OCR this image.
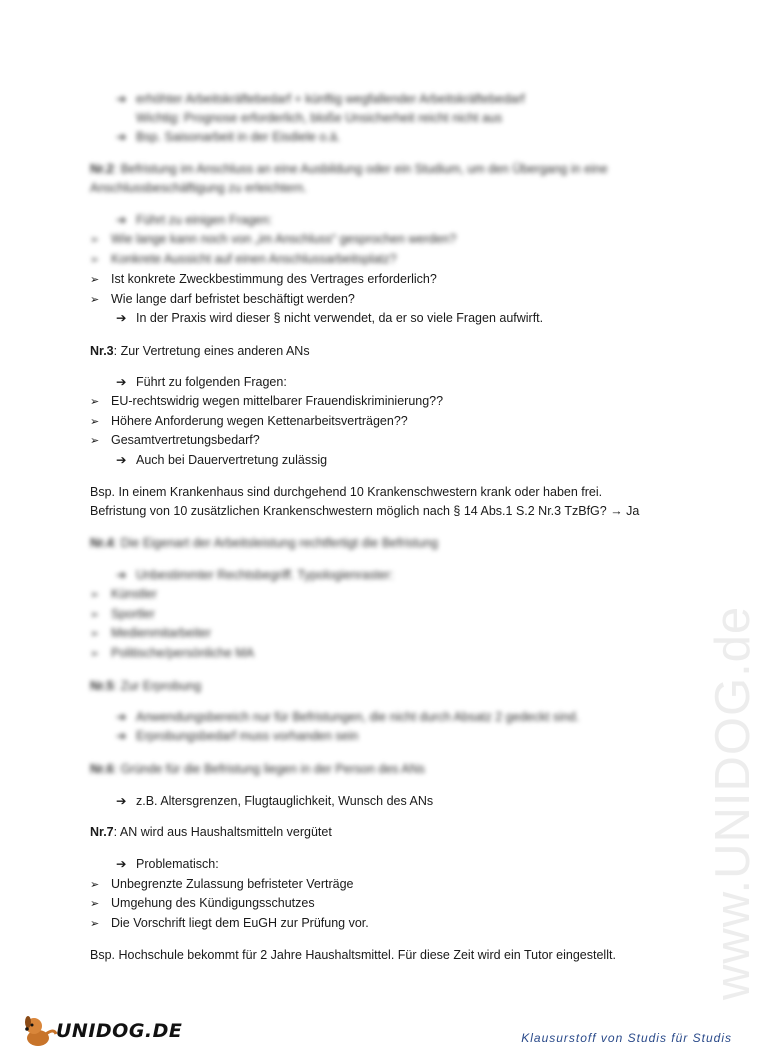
www.UNIDOG.de
➔ erhöhter Arbeitskräftebedarf + künftig wegfallender Arbeitskräftebedarf
Wichtig: Prognose erforderlich, bloße Unsicherheit reicht nicht aus
➔ Bsp. Saisonarbeit in der Eisdiele o.ä.
Nr.2: Befristung im Anschluss an eine Ausbildung oder ein Studium, um den Übergang in eine
Anschlussbeschäftigung zu erleichtern.
➔ Führt zu einigen Fragen:
➢ Wie lange kann noch von „im Anschluss“ gesprochen werden?
➢ Konkrete Aussicht auf einen Anschlussarbeitsplatz?
➢ Ist konkrete Zweckbestimmung des Vertrages erforderlich?
➢ Wie lange darf befristet beschäftigt werden?
➔ In der Praxis wird dieser § nicht verwendet, da er so viele Fragen aufwirft.
Nr.3: Zur Vertretung eines anderen ANs
➔ Führt zu folgenden Fragen:
➢ EU-rechtswidrig wegen mittelbarer Frauendiskriminierung??
➢ Höhere Anforderung wegen Kettenarbeitsverträgen??
➢ Gesamtvertretungsbedarf?
➔ Auch bei Dauervertretung zulässig
Bsp. In einem Krankenhaus sind durchgehend 10 Krankenschwestern krank oder haben frei.
Befristung von 10 zusätzlichen Krankenschwestern möglich nach § 14 Abs.1 S.2 Nr.3 TzBfG? → Ja
Nr.4: Die Eigenart der Arbeitsleistung rechtfertigt die Befristung
➔ Unbestimmter Rechtsbegriff. Typologienraster:
➢ Künstler
➢ Sportler
➢ Medienmitarbeiter
➢ Politische/persönliche MA
Nr.5: Zur Erprobung
➔ Anwendungsbereich nur für Befristungen, die nicht durch Absatz 2 gedeckt sind.
➔ Erprobungsbedarf muss vorhanden sein
Nr.6: Gründe für die Befristung liegen in der Person des ANs
➔ z.B. Altersgrenzen, Flugtauglichkeit, Wunsch des ANs
Nr.7: AN wird aus Haushaltsmitteln vergütet
➔ Problematisch:
➢ Unbegrenzte Zulassung befristeter Verträge
➢ Umgehung des Kündigungsschutzes
➢ Die Vorschrift liegt dem EuGH zur Prüfung vor.
Bsp. Hochschule bekommt für 2 Jahre Haushaltsmittel. Für diese Zeit wird ein Tutor eingestellt.
UNIDOG.DE	Klausurstoff von Studis für Studis
